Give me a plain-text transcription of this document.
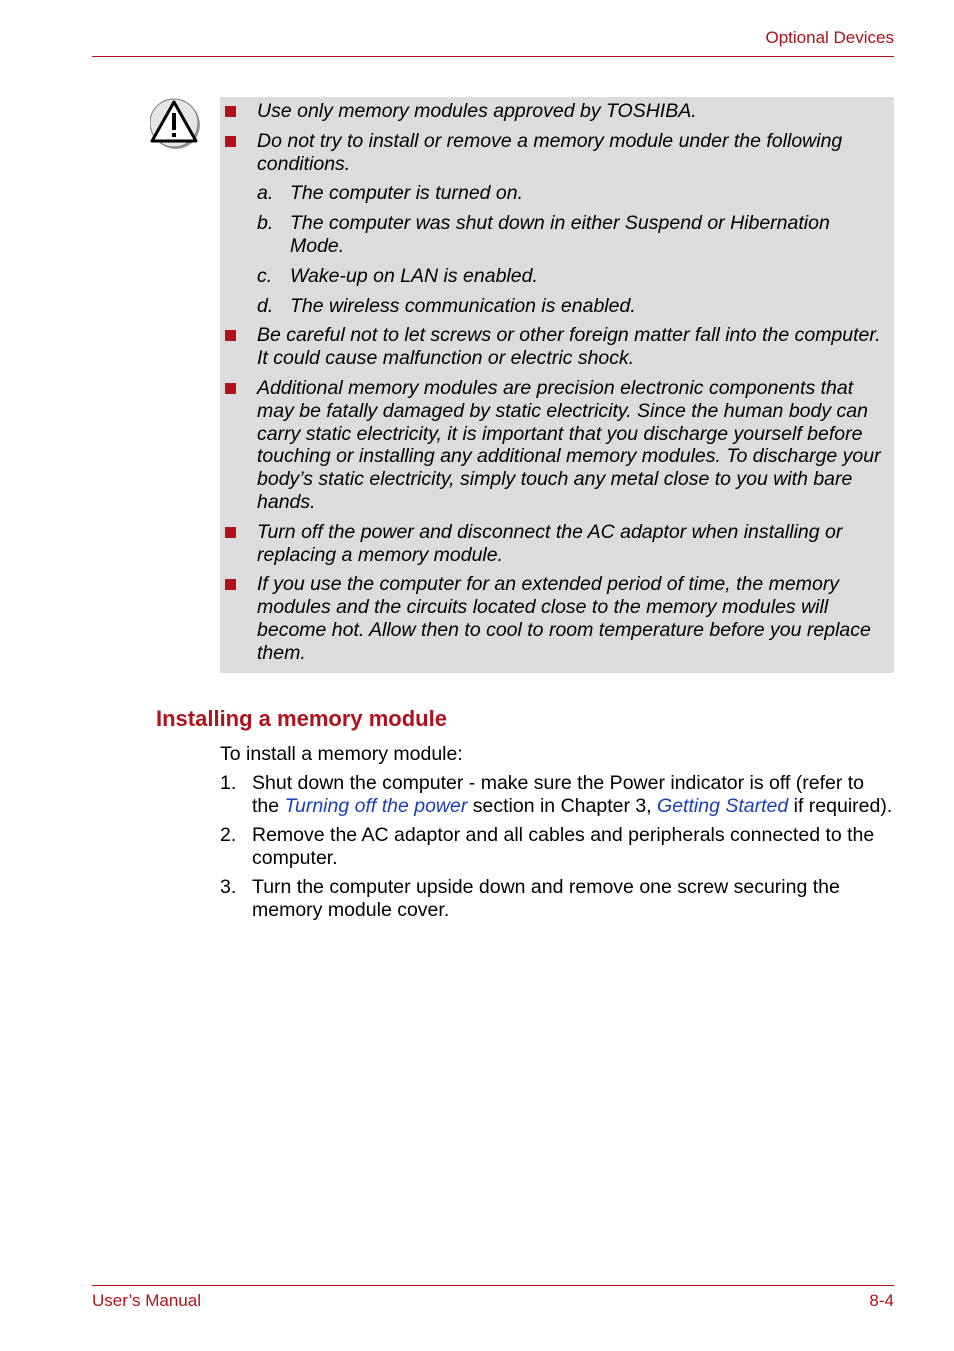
Optional Devices
Use only memory modules approved by TOSHIBA.
Do not try to install or remove a memory module under the following conditions.
a. The computer is turned on.
b. The computer was shut down in either Suspend or Hibernation Mode.
c. Wake-up on LAN is enabled.
d. The wireless communication is enabled.
Be careful not to let screws or other foreign matter fall into the computer. It could cause malfunction or electric shock.
Additional memory modules are precision electronic components that may be fatally damaged by static electricity. Since the human body can carry static electricity, it is important that you discharge yourself before touching or installing any additional memory modules. To discharge your body’s static electricity, simply touch any metal close to you with bare hands.
Turn off the power and disconnect the AC adaptor when installing or replacing a memory module.
If you use the computer for an extended period of time, the memory modules and the circuits located close to the memory modules will become hot. Allow then to cool to room temperature before you replace them.
Installing a memory module
To install a memory module:
1. Shut down the computer - make sure the Power indicator is off (refer to the Turning off the power section in Chapter 3, Getting Started if required).
2. Remove the AC adaptor and all cables and peripherals connected to the computer.
3. Turn the computer upside down and remove one screw securing the memory module cover.
User’s Manual	8-4
